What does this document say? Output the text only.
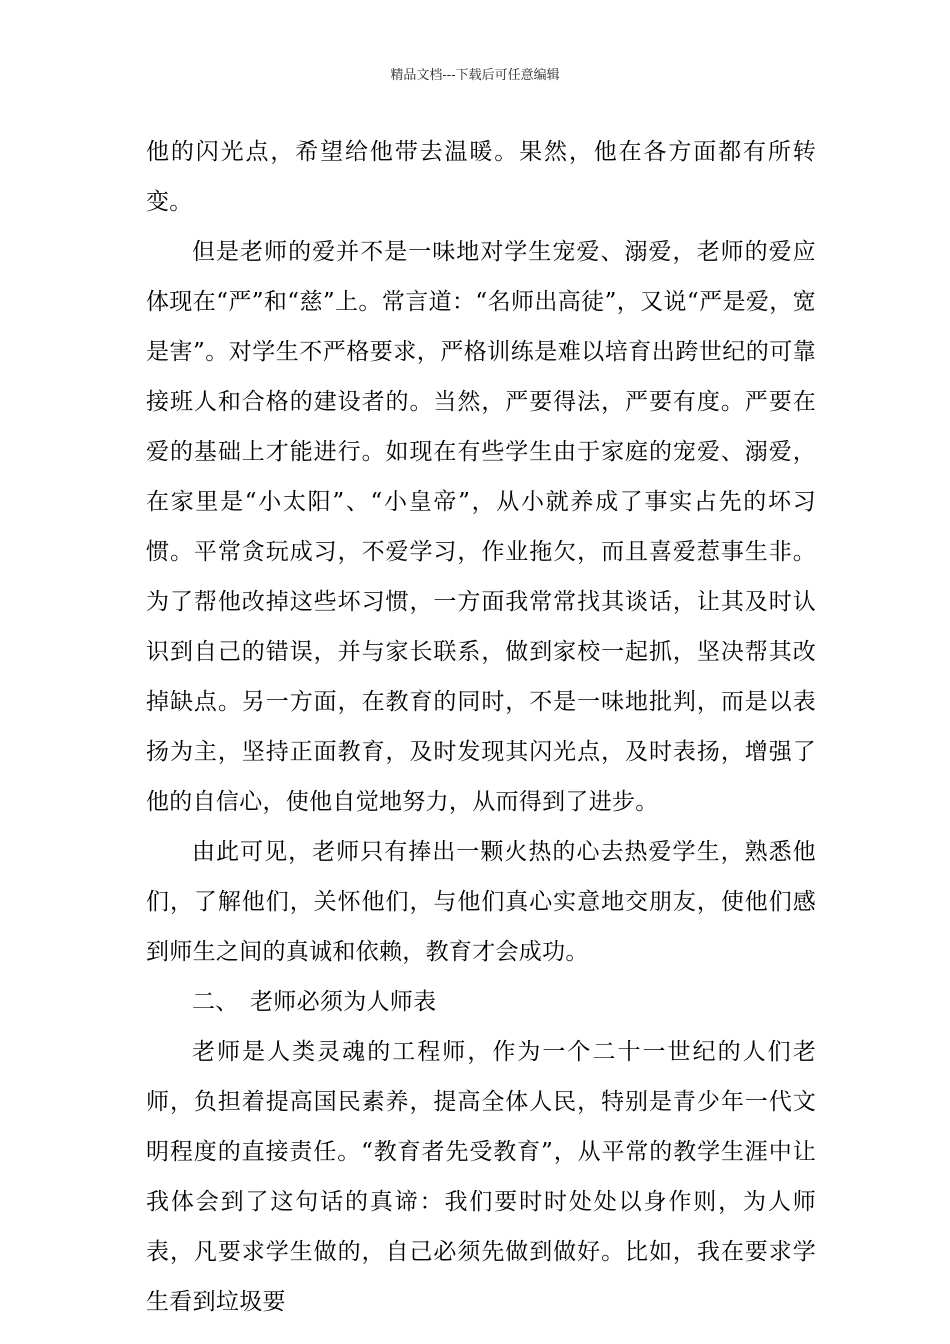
精品文档---下载后可任意编辑

他的闪光点，希望给他带去温暖。果然，他在各方面都有所转变。

但是老师的爱并不是一味地对学生宠爱、溺爱，老师的爱应体现在“严”和“慈”上。常言道：“名师出高徒”，又说“严是爱，宽是害”。对学生不严格要求，严格训练是难以培育出跨世纪的可靠接班人和合格的建设者的。当然，严要得法，严要有度。严要在爱的基础上才能进行。如现在有些学生由于家庭的宠爱、溺爱，在家里是“小太阳”、“小皇帝”，从小就养成了事实占先的坏习惯。平常贪玩成习，不爱学习，作业拖欠，而且喜爱惹事生非。为了帮他改掉这些坏习惯，一方面我常常找其谈话，让其及时认识到自己的错误，并与家长联系，做到家校一起抓，坚决帮其改掉缺点。另一方面，在教育的同时，不是一味地批判，而是以表扬为主，坚持正面教育，及时发现其闪光点，及时表扬，增强了他的自信心，使他自觉地努力，从而得到了进步。

由此可见，老师只有捧出一颗火热的心去热爱学生，熟悉他们，了解他们，关怀他们，与他们真心实意地交朋友，使他们感到师生之间的真诚和依赖，教育才会成功。

二、 老师必须为人师表

老师是人类灵魂的工程师，作为一个二十一世纪的人们老师，负担着提高国民素养，提高全体人民，特别是青少年一代文明程度的直接责任。“教育者先受教育”，从平常的教学生涯中让我体会到了这句话的真谛：我们要时时处处以身作则，为人师表，凡要求学生做的，自己必须先做到做好。比如，我在要求学生看到垃圾要
